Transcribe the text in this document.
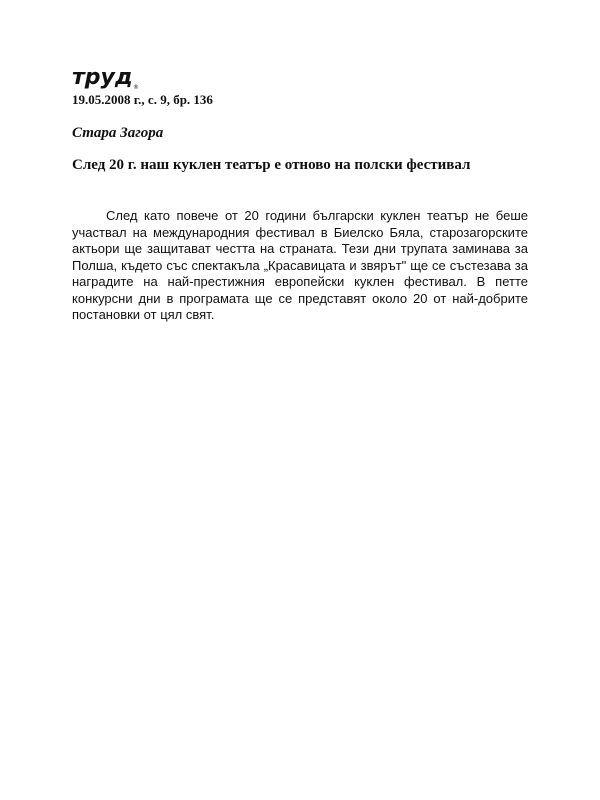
труд ®
19.05.2008 г., с. 9, бр. 136
Стара Загора
След 20 г. наш куклен театър е отново на полски фестивал
След като повече от 20 години български куклен театър не беше участвал на международния фестивал в Биелско Бяла, старозагорските актьори ще защитават честта на страната. Тези дни трупата заминава за Полша, където със спектакъла „Красавицата и звярът" ще се състезава за наградите на най-престижния европейски куклен фестивал. В петте конкурсни дни в програмата ще се представят около 20 от най-добрите постановки от цял свят.
